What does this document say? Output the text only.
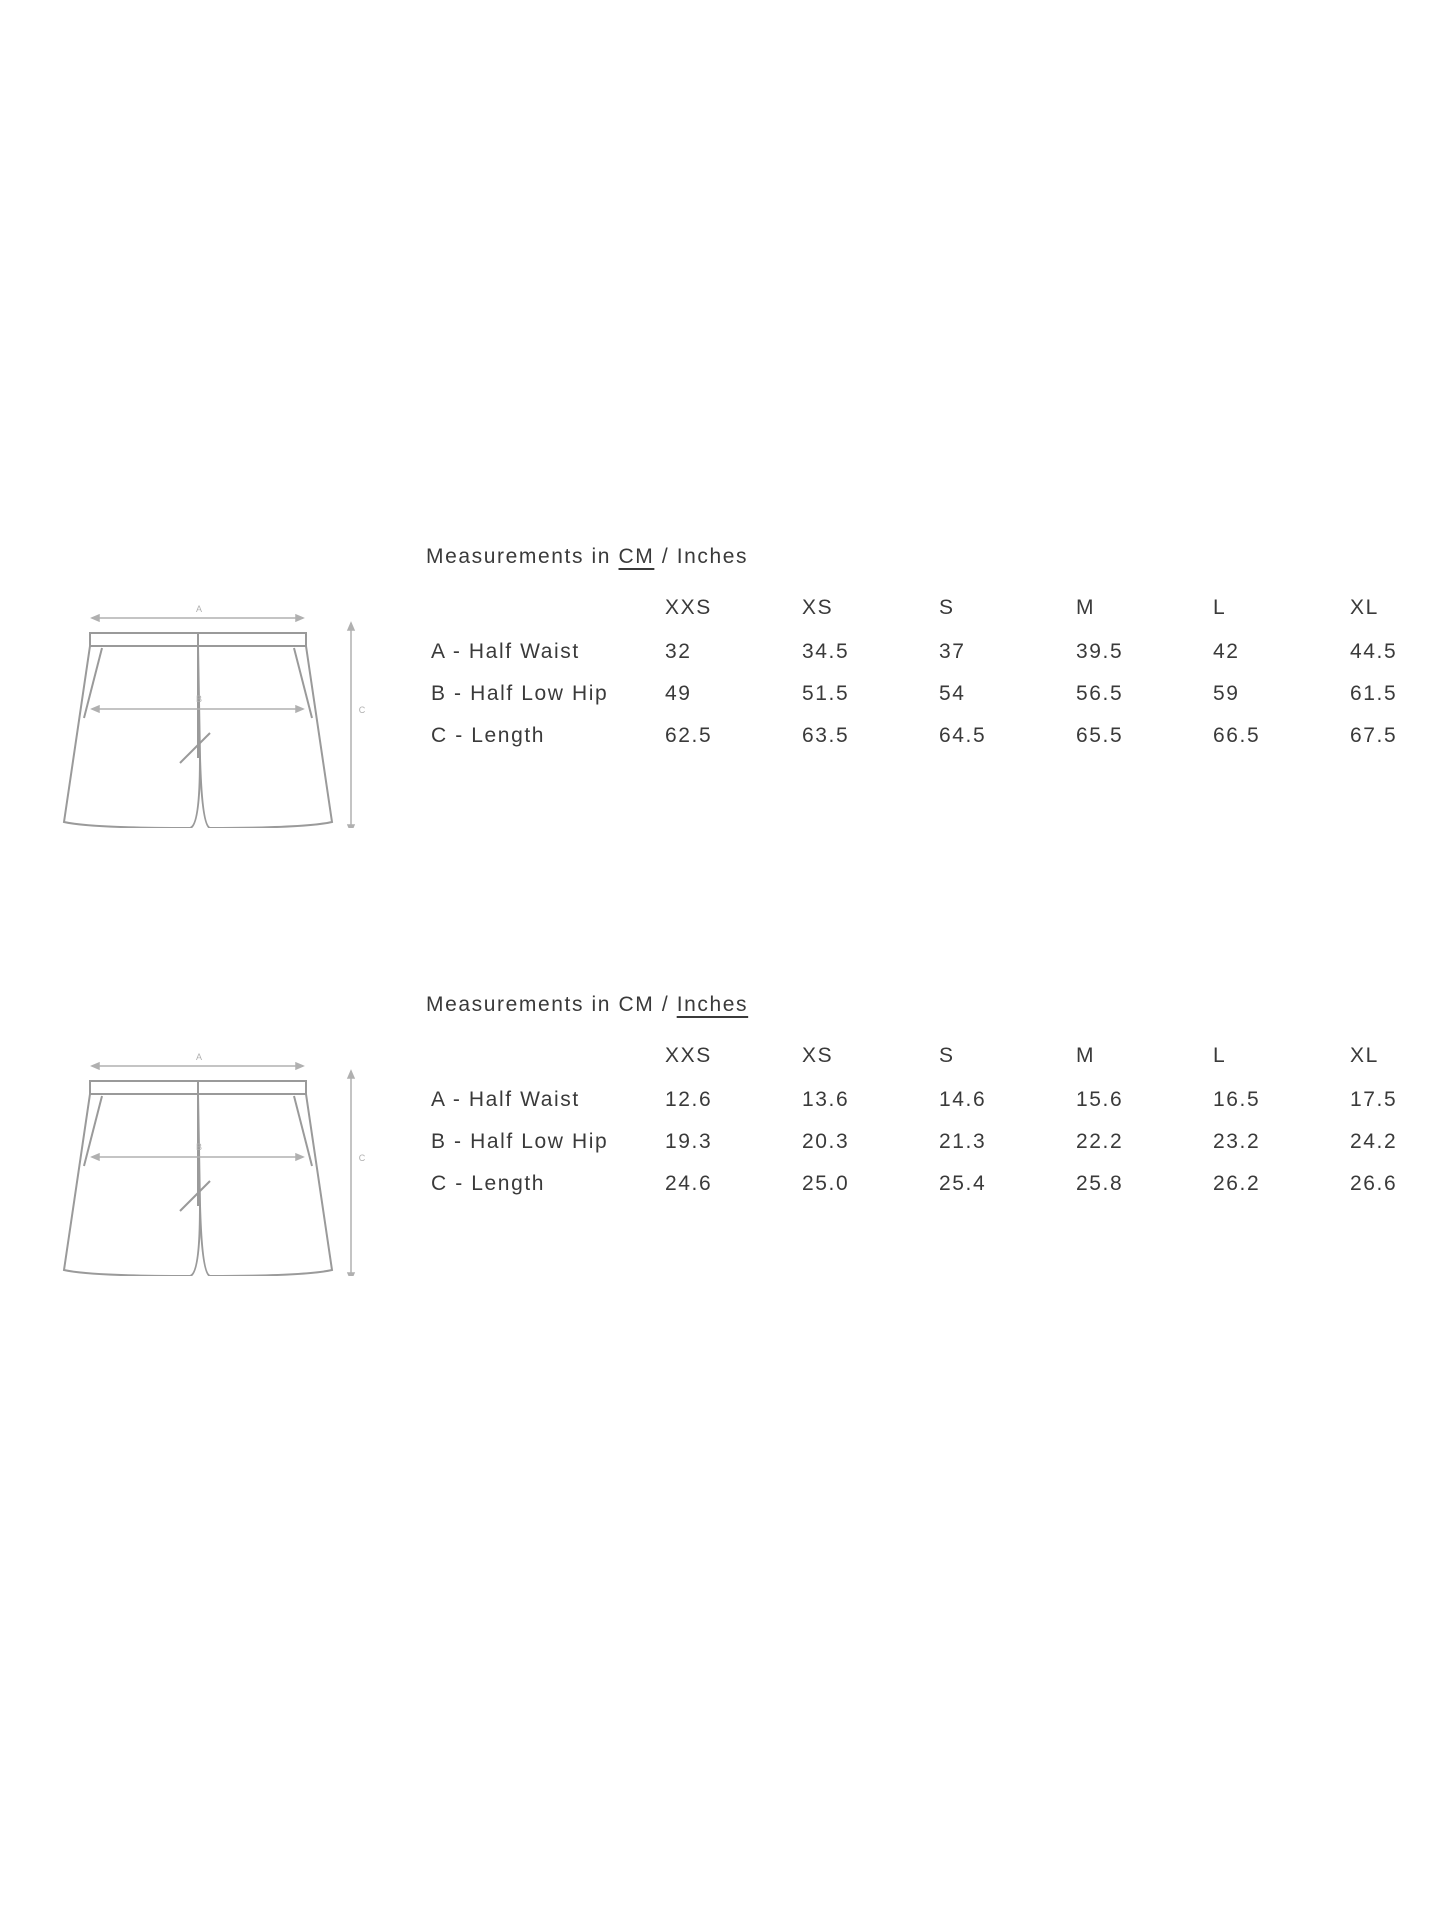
A
B
C
Measurements in CM / Inches
	XXS	XS	S	M	L	XL
A - Half Waist	32	34.5	37	39.5	42	44.5
B - Half Low Hip	49	51.5	54	56.5	59	61.5
C - Length	62.5	63.5	64.5	65.5	66.5	67.5
A
B
C
Measurements in CM / Inches
	XXS	XS	S	M	L	XL
A - Half Waist	12.6	13.6	14.6	15.6	16.5	17.5
B - Half Low Hip	19.3	20.3	21.3	22.2	23.2	24.2
C - Length	24.6	25.0	25.4	25.8	26.2	26.6
